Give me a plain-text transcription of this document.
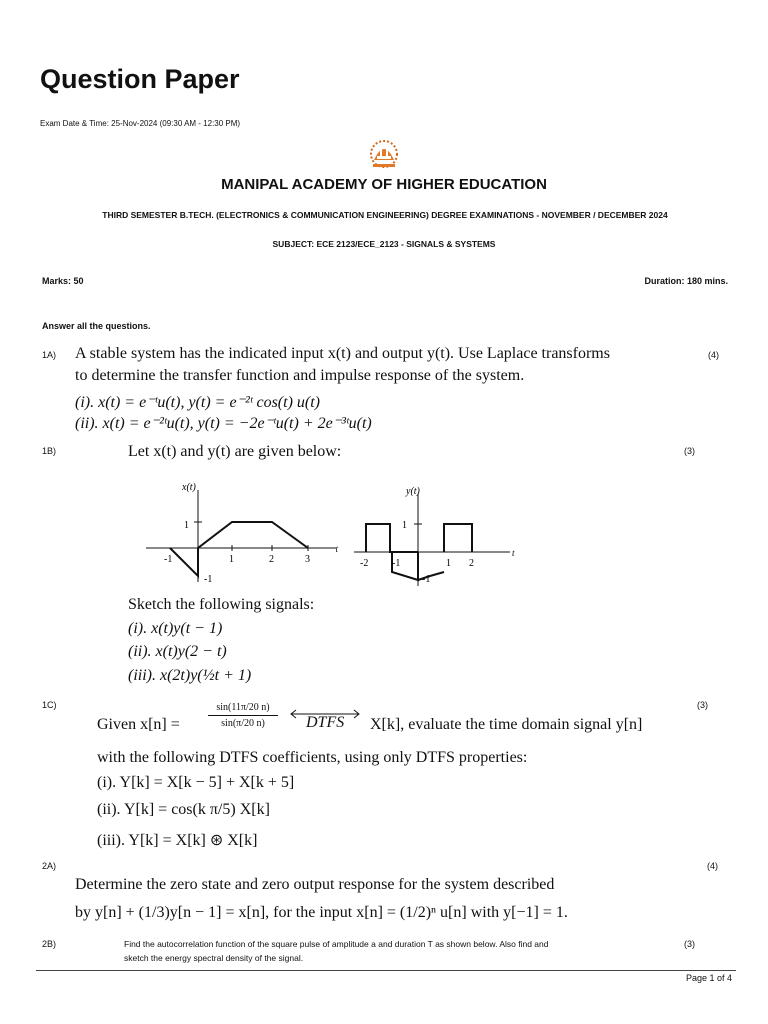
Question Paper
Exam Date & Time: 25-Nov-2024 (09:30 AM - 12:30 PM)
MANIPAL ACADEMY OF HIGHER EDUCATION
THIRD SEMESTER B.TECH. (ELECTRONICS & COMMUNICATION ENGINEERING) DEGREE EXAMINATIONS - NOVEMBER / DECEMBER 2024
SUBJECT: ECE 2123/ECE_2123 - SIGNALS & SYSTEMS
Marks: 50	Duration: 180 mins.
Answer all the questions.
1A)	(4)
A stable system has the indicated input x(t) and output y(t). Use Laplace transforms
to determine the transfer function and impulse response of the system.
(i). x(t) = e⁻ᵗu(t), y(t) = e⁻²ᵗ cos(t) u(t)
(ii). x(t) = e⁻²ᵗu(t), y(t) = −2e⁻ᵗu(t) + 2e⁻³ᵗu(t)
1B)	(3)
Let x(t) and y(t) are given below:
x(t)
1
t
-1	1	2	3
-1
y(t)
1
t
-2 -1	1 2
-1
Sketch the following signals:
(i). x(t)y(t − 1)
(ii). x(t)y(2 − t)
(iii). x(2t)y(½t + 1)
1C)	(3)
Given x[n] =	$\frac{\sin(11\pi/20 n)}{\sin(\pi/20 n)}$ DTFS X[k], evaluate the time domain signal y[n]
with the following DTFS coefficients, using only DTFS properties:
(i). Y[k] = X[k − 5] + X[k + 5]
(ii). Y[k] = cos(k π/5) X[k]
(iii). Y[k] = X[k] ⊛ X[k]
2A)	(4)
Determine the zero state and zero output response for the system described
by y[n] + (1/3)y[n − 1] = x[n], for the input x[n] = (1/2)ⁿ u[n] with y[−1] = 1.
2B)	(3)
Find the autocorrelation function of the square pulse of amplitude a and duration T as shown below. Also find and
sketch the energy spectral density of the signal.
Page 1 of 4
